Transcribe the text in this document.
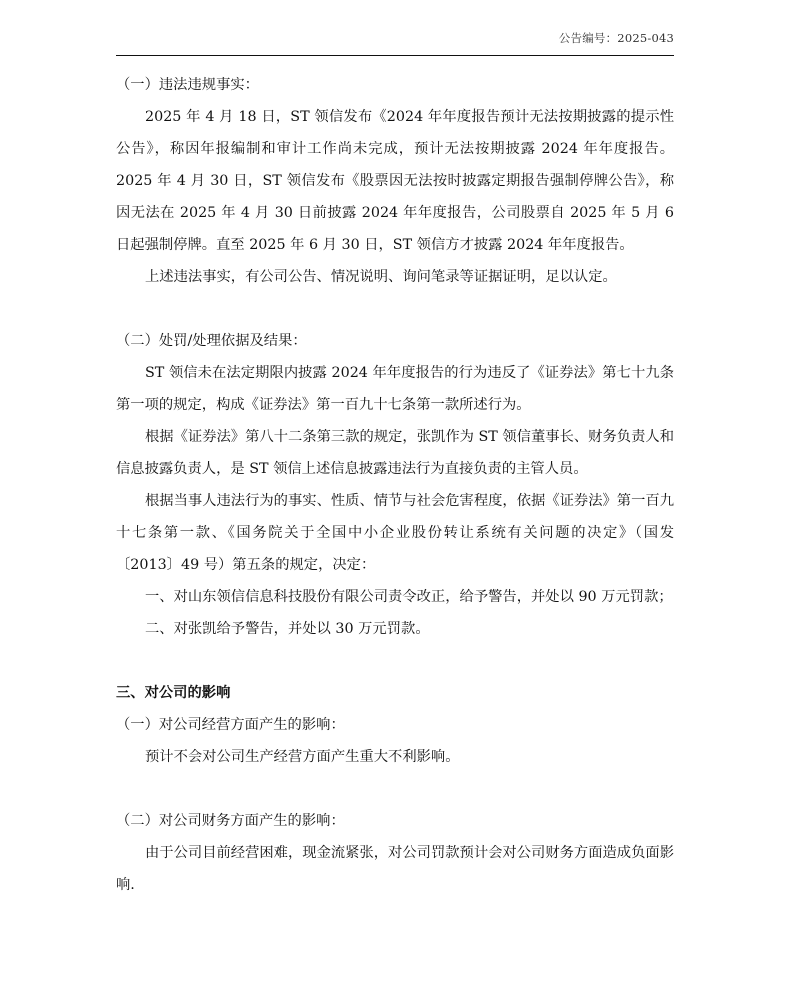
公告编号：2025-043

（一）违法违规事实：

2025 年 4 月 18 日，ST 领信发布《2024 年年度报告预计无法按期披露的提示性公告》，称因年报编制和审计工作尚未完成，预计无法按期披露 2024 年年度报告。2025 年 4 月 30 日，ST 领信发布《股票因无法按时披露定期报告强制停牌公告》，称因无法在 2025 年 4 月 30 日前披露 2024 年年度报告，公司股票自 2025 年 5 月 6 日起强制停牌。直至 2025 年 6 月 30 日，ST 领信方才披露 2024 年年度报告。

上述违法事实，有公司公告、情况说明、询问笔录等证据证明，足以认定。

（二）处罚/处理依据及结果：

ST 领信未在法定期限内披露 2024 年年度报告的行为违反了《证券法》第七十九条第一项的规定，构成《证券法》第一百九十七条第一款所述行为。

根据《证券法》第八十二条第三款的规定，张凯作为 ST 领信董事长、财务负责人和信息披露负责人，是 ST 领信上述信息披露违法行为直接负责的主管人员。

根据当事人违法行为的事实、性质、情节与社会危害程度，依据《证券法》第一百九十七条第一款、《国务院关于全国中小企业股份转让系统有关问题的决定》（国发〔2013〕49 号）第五条的规定，决定：

一、对山东领信信息科技股份有限公司责令改正，给予警告，并处以 90 万元罚款；

二、对张凯给予警告，并处以 30 万元罚款。

三、对公司的影响

（一）对公司经营方面产生的影响：

预计不会对公司生产经营方面产生重大不利影响。

（二）对公司财务方面产生的影响：

由于公司目前经营困难，现金流紧张，对公司罚款预计会对公司财务方面造成负面影响.
